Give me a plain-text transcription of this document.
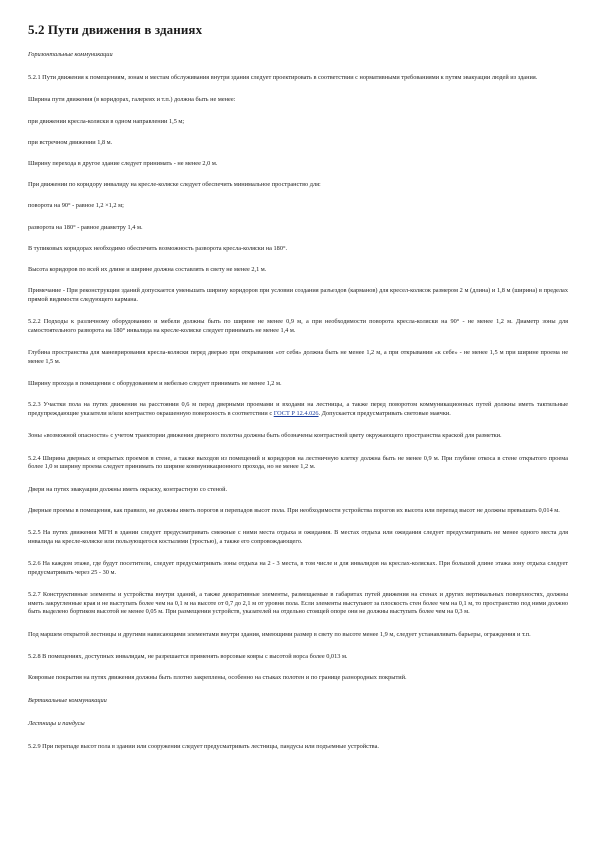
5.2 Пути движения в зданиях
Горизонтальные коммуникации
5.2.1 Пути движения к помещениям, зонам и местам обслуживания внутри здания следует проектировать в соответствии с нормативными требованиями к путям эвакуации людей из здания.
Ширина пути движения (в коридорах, галереях и т.п.) должна быть не менее:
при движении кресла-коляски в одном направлении 1,5 м;
при встречном движении 1,8 м.
Ширину перехода в другое здание следует принимать - не менее 2,0 м.
При движении по коридору инвалиду на кресле-коляске следует обеспечить минимальное пространство для:
поворота на 90° - равное 1,2 ×1,2 м;
разворота на 180° - равное диаметру 1,4 м.
В тупиковых коридорах необходимо обеспечить возможность разворота кресла-коляски на 180°.
Высота коридоров по всей их длине и ширине должна составлять в свету не менее 2,1 м.
Примечание - При реконструкции зданий допускается уменьшать ширину коридоров при условии создания разъездов (карманов) для кресел-колясок размером 2 м (длина) и 1,8 м (ширина) в пределах прямой видимости следующего кармана.
5.2.2 Подходы к различному оборудованию и мебели должны быть по ширине не менее 0,9 м, а при необходимости поворота кресла-коляски на 90° - не менее 1,2 м. Диаметр зоны для самостоятельного разворота на 180° инвалида на кресле-коляске следует принимать не менее 1,4 м.
Глубина пространства для маневрирования кресла-коляски перед дверью при открывании «от себя» должна быть не менее 1,2 м, а при открывании «к себе» - не менее 1,5 м при ширине проема не менее 1,5 м.
Ширину прохода в помещении с оборудованием и мебелью следует принимать не менее 1,2 м.
5.2.3 Участки пола на путях движения на расстоянии 0,6 м перед дверными проемами и входами на лестницы, а также перед поворотом коммуникационных путей должны иметь тактильные предупреждающие указатели и/или контрастно окрашенную поверхность в соответствии с ГОСТ Р 12.4.026. Допускается предусматривать световые маячки.
Зоны «возможной опасности» с учетом траектории движения дверного полотна должны быть обозначены контрастной цвету окружающего пространства краской для разметки.
5.2.4 Ширина дверных и открытых проемов в стене, а также выходов из помещений и коридоров на лестничную клетку должна быть не менее 0,9 м. При глубине откоса в стене открытого проема более 1,0 м ширину проема следует принимать по ширине коммуникационного прохода, но не менее 1,2 м.
Двери на путях эвакуации должны иметь окраску, контрастную со стеной.
Дверные проемы в помещения, как правило, не должны иметь порогов и перепадов высот пола. При необходимости устройства порогов их высота или перепад высот не должны превышать 0,014 м.
5.2.5 На путях движения МГН в здании следует предусматривать смежные с ними места отдыха и ожидания. В местах отдыха или ожидания следует предусматривать не менее одного места для инвалида на кресле-коляске или пользующегося костылями (тростью), а также его сопровождающего.
5.2.6 На каждом этаже, где будут посетители, следует предусматривать зоны отдыха на 2 - 3 места, в том числе и для инвалидов на креслах-колясках. При большой длине этажа зону отдыха следует предусматривать через 25 - 30 м.
5.2.7 Конструктивные элементы и устройства внутри зданий, а также декоративные элементы, размещаемые в габаритах путей движения на стенах и других вертикальных поверхностях, должны иметь закругленные края и не выступать более чем на 0,1 м на высоте от 0,7 до 2,1 м от уровня пола. Если элементы выступают за плоскость стен более чем на 0,1 м, то пространство под ними должно быть выделено бортиком высотой не менее 0,05 м. При размещении устройств, указателей на отдельно стоящей опоре они не должны выступать более чем на 0,3 м.
Под маршем открытой лестницы и другими нависающими элементами внутри здания, имеющими размер в свету по высоте менее 1,9 м, следует устанавливать барьеры, ограждения и т.п.
5.2.8 В помещениях, доступных инвалидам, не разрешается применять ворсовые ковры с высотой ворса более 0,013 м.
Ковровые покрытия на путях движения должны быть плотно закреплены, особенно на стыках полотен и по границе разнородных покрытий.
Вертикальные коммуникации
Лестницы и пандусы
5.2.9 При перепаде высот пола в здании или сооружении следует предусматривать лестницы, пандусы или подъемные устройства.
